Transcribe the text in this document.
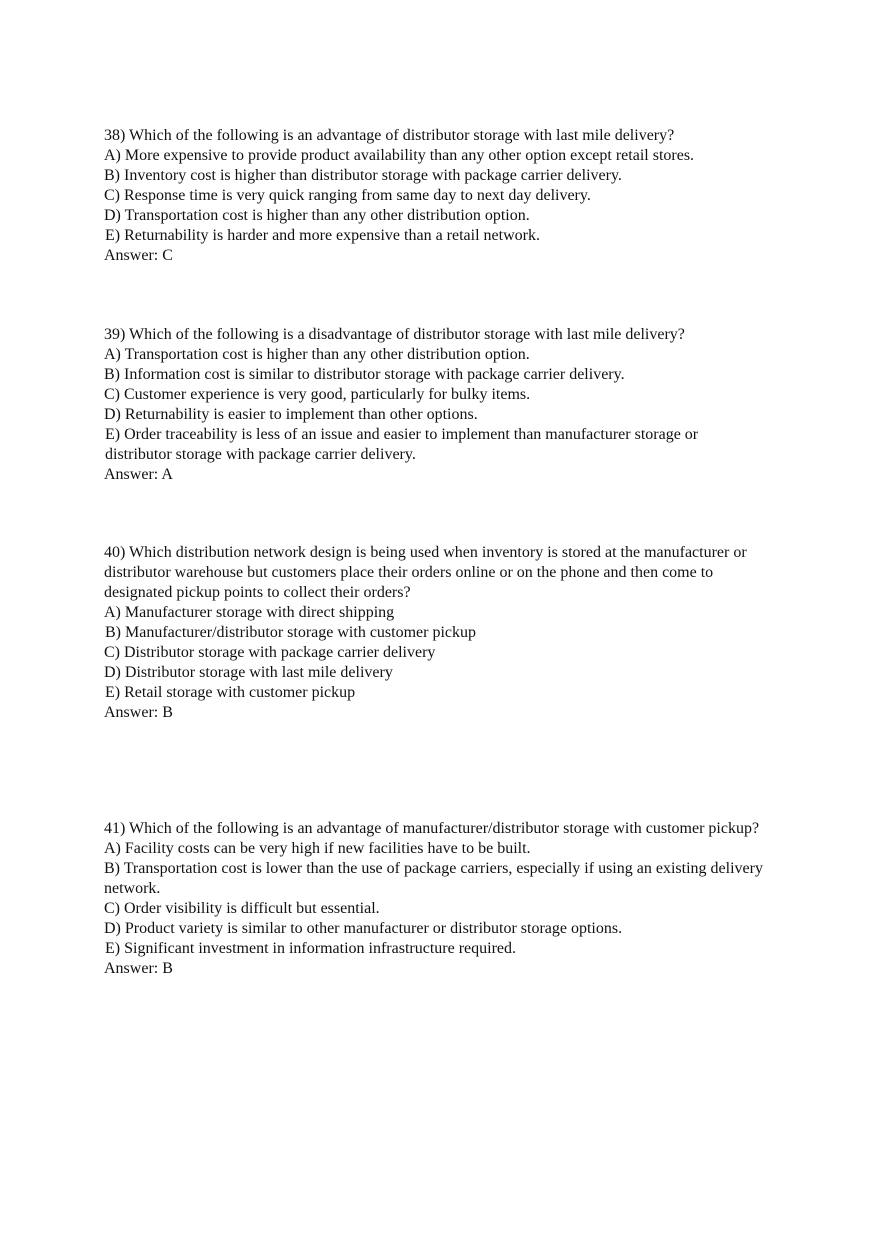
38) Which of the following is an advantage of distributor storage with last mile delivery?
A) More expensive to provide product availability than any other option except retail stores.
B) Inventory cost is higher than distributor storage with package carrier delivery.
C) Response time is very quick ranging from same day to next day delivery.
D) Transportation cost is higher than any other distribution option.
E) Returnability is harder and more expensive than a retail network.
Answer: C
39) Which of the following is a disadvantage of distributor storage with last mile delivery?
A) Transportation cost is higher than any other distribution option.
B) Information cost is similar to distributor storage with package carrier delivery.
C) Customer experience is very good, particularly for bulky items.
D) Returnability is easier to implement than other options.
E) Order traceability is less of an issue and easier to implement than manufacturer storage or distributor storage with package carrier delivery.
Answer: A
40) Which distribution network design is being used when inventory is stored at the manufacturer or distributor warehouse but customers place their orders online or on the phone and then come to designated pickup points to collect their orders?
A) Manufacturer storage with direct shipping
B) Manufacturer/distributor storage with customer pickup
C) Distributor storage with package carrier delivery
D) Distributor storage with last mile delivery
E) Retail storage with customer pickup
Answer: B
41) Which of the following is an advantage of manufacturer/distributor storage with customer pickup?
A) Facility costs can be very high if new facilities have to be built.
B) Transportation cost is lower than the use of package carriers, especially if using an existing delivery network.
C) Order visibility is difficult but essential.
D) Product variety is similar to other manufacturer or distributor storage options.
E) Significant investment in information infrastructure required.
Answer: B
